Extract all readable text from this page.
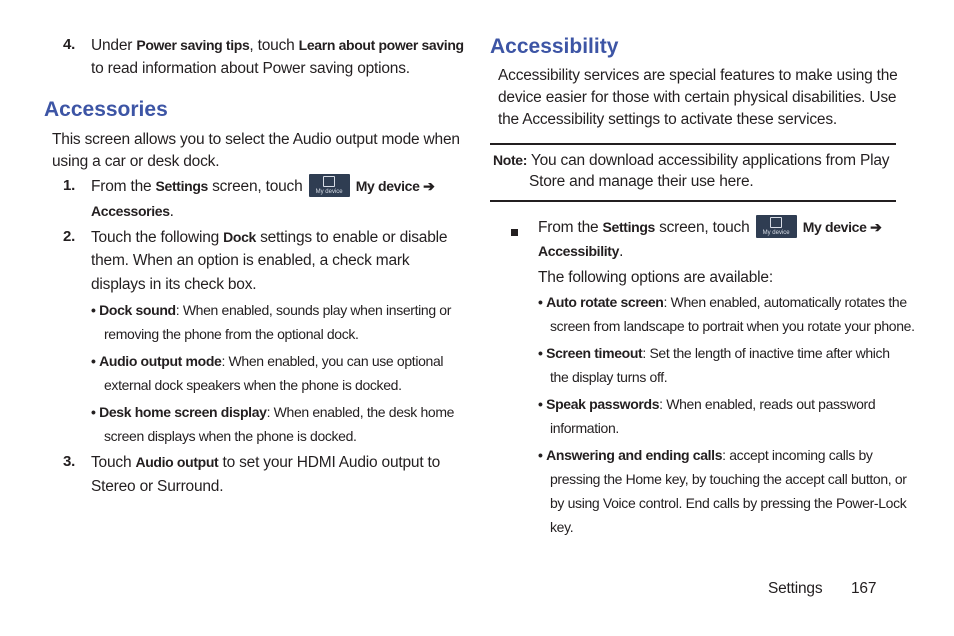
4. Under Power saving tips, touch Learn about power saving
to read information about Power saving options.
Accessories
This screen allows you to select the Audio output mode when
using a car or desk dock.
1. From the Settings screen, touch	My device My device ➔
Accessories.
2. Touch the following Dock settings to enable or disable
them. When an option is enabled, a check mark
displays in its check box.
• Dock sound: When enabled, sounds play when inserting or
removing the phone from the optional dock.
• Audio output mode: When enabled, you can use optional
external dock speakers when the phone is docked.
• Desk home screen display: When enabled, the desk home
screen displays when the phone is docked.
3. Touch Audio output to set your HDMI Audio output to
Stereo or Surround.
Accessibility
Accessibility services are special features to make using the
device easier for those with certain physical disabilities. Use
the Accessibility settings to activate these services.
Note: You can download accessibility applications from Play
Store and manage their use here.
From the Settings screen, touch	My device My device ➔
Accessibility.
The following options are available:
• Auto rotate screen: When enabled, automatically rotates the
screen from landscape to portrait when you rotate your phone.
• Screen timeout: Set the length of inactive time after which
the display turns off.
• Speak passwords: When enabled, reads out password
information.
• Answering and ending calls: accept incoming calls by
pressing the Home key, by touching the accept call button, or
by using Voice control. End calls by pressing the Power-Lock
key.
Settings 167
